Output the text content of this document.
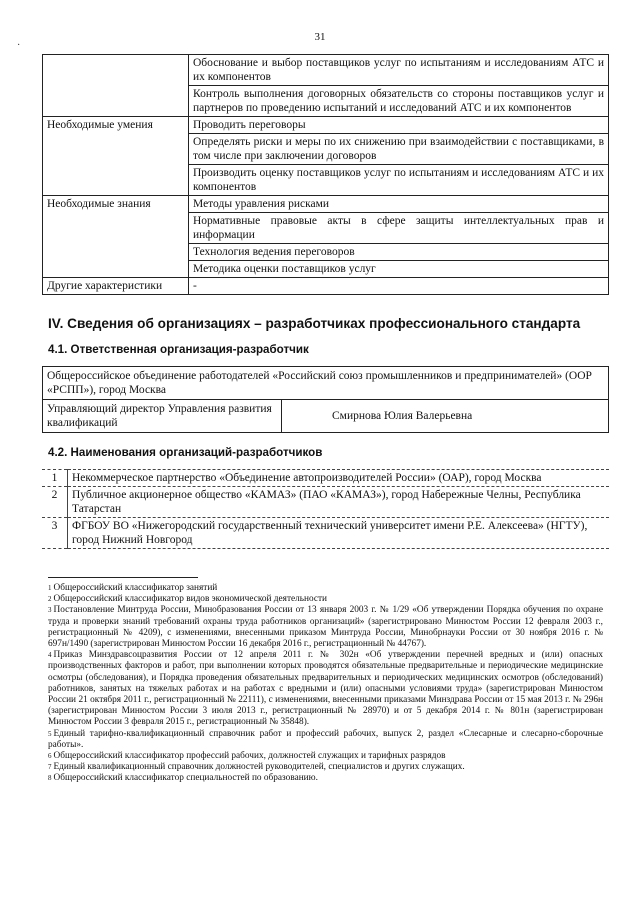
31
·
	Обоснование и выбор поставщиков услуг по испытаниям и исследованиям АТС и их компонентов
	Контроль выполнения договорных обязательств со стороны поставщиков услуг и партнеров по проведению испытаний и исследований АТС и их компонентов
Необходимые умения	Проводить переговоры
	Определять риски и меры по их снижению при взаимодействии с поставщиками, в том числе при заключении договоров
	Производить оценку поставщиков услуг по испытаниям и исследованиям АТС и их компонентов
Необходимые знания	Методы уравления рисками
	Нормативные правовые акты в сфере защиты интеллектуальных прав и информации
	Технология ведения переговоров
	Методика оценки поставщиков услуг
Другие характеристики	-
IV. Сведения об организациях – разработчиках профессионального стандарта
4.1. Ответственная организация-разработчик
Общероссийское объединение работодателей «Российский союз промышленников и предпринимателей» (ООР «РСПП»), город Москва
Управляющий директор Управления развития квалификаций	Смирнова Юлия Валерьевна
4.2. Наименования организаций-разработчиков
1	Некоммерческое партнерство «Объединение автопроизводителей России» (ОАР), город Москва
2	Публичное акционерное общество «КАМАЗ» (ПАО «КАМАЗ»), город Набережные Челны, Республика Татарстан
3	ФГБОУ ВО «Нижегородский государственный технический университет имени Р.Е. Алексеева» (НГТУ), город Нижний Новгород

$^1$ Общероссийский классификатор занятий

$^2$ Общероссийский классификатор видов экономической деятельности

$^3$ Постановление Минтруда России, Минобразования России от 13 января 2003 г. № 1/29 «Об утверждении Порядка обучения по охране труда и проверки знаний требований охраны труда работников организаций» (зарегистрировано Минюстом России 12 февраля 2003 г., регистрационный № 4209), с изменениями, внесенными приказом Минтруда России, Минобрнауки России от 30 ноября 2016 г. № 697н/1490 (зарегистрирован Минюстом России 16 декабря 2016 г., регистрационный № 44767).

$^4$ Приказ Минздравсоцразвития России от 12 апреля 2011 г. № 302н «Об утверждении перечней вредных и (или) опасных производственных факторов и работ, при выполнении которых проводятся обязательные предварительные и периодические медицинские осмотры (обследования), и Порядка проведения обязательных предварительных и периодических медицинских осмотров (обследований) работников, занятых на тяжелых работах и на работах с вредными и (или) опасными условиями труда» (зарегистрирован Минюстом России 21 октября 2011 г., регистрационный № 22111), с изменениями, внесенными приказами Минздрава России от 15 мая 2013 г. № 296н (зарегистрирован Минюстом России 3 июля 2013 г., регистрационный № 28970) и от 5 декабря 2014 г. № 801н (зарегистрирован Минюстом России 3 февраля 2015 г., регистрационный № 35848).

$^5$ Единый тарифно-квалификационный справочник работ и профессий рабочих, выпуск 2, раздел «Слесарные и слесарно-сборочные работы».

$^6$ Общероссийский классификатор профессий рабочих, должностей служащих и тарифных разрядов

$^7$ Единый квалификационный справочник должностей руководителей, специалистов и других служащих.

$^8$ Общероссийский классификатор специальностей по образованию.
